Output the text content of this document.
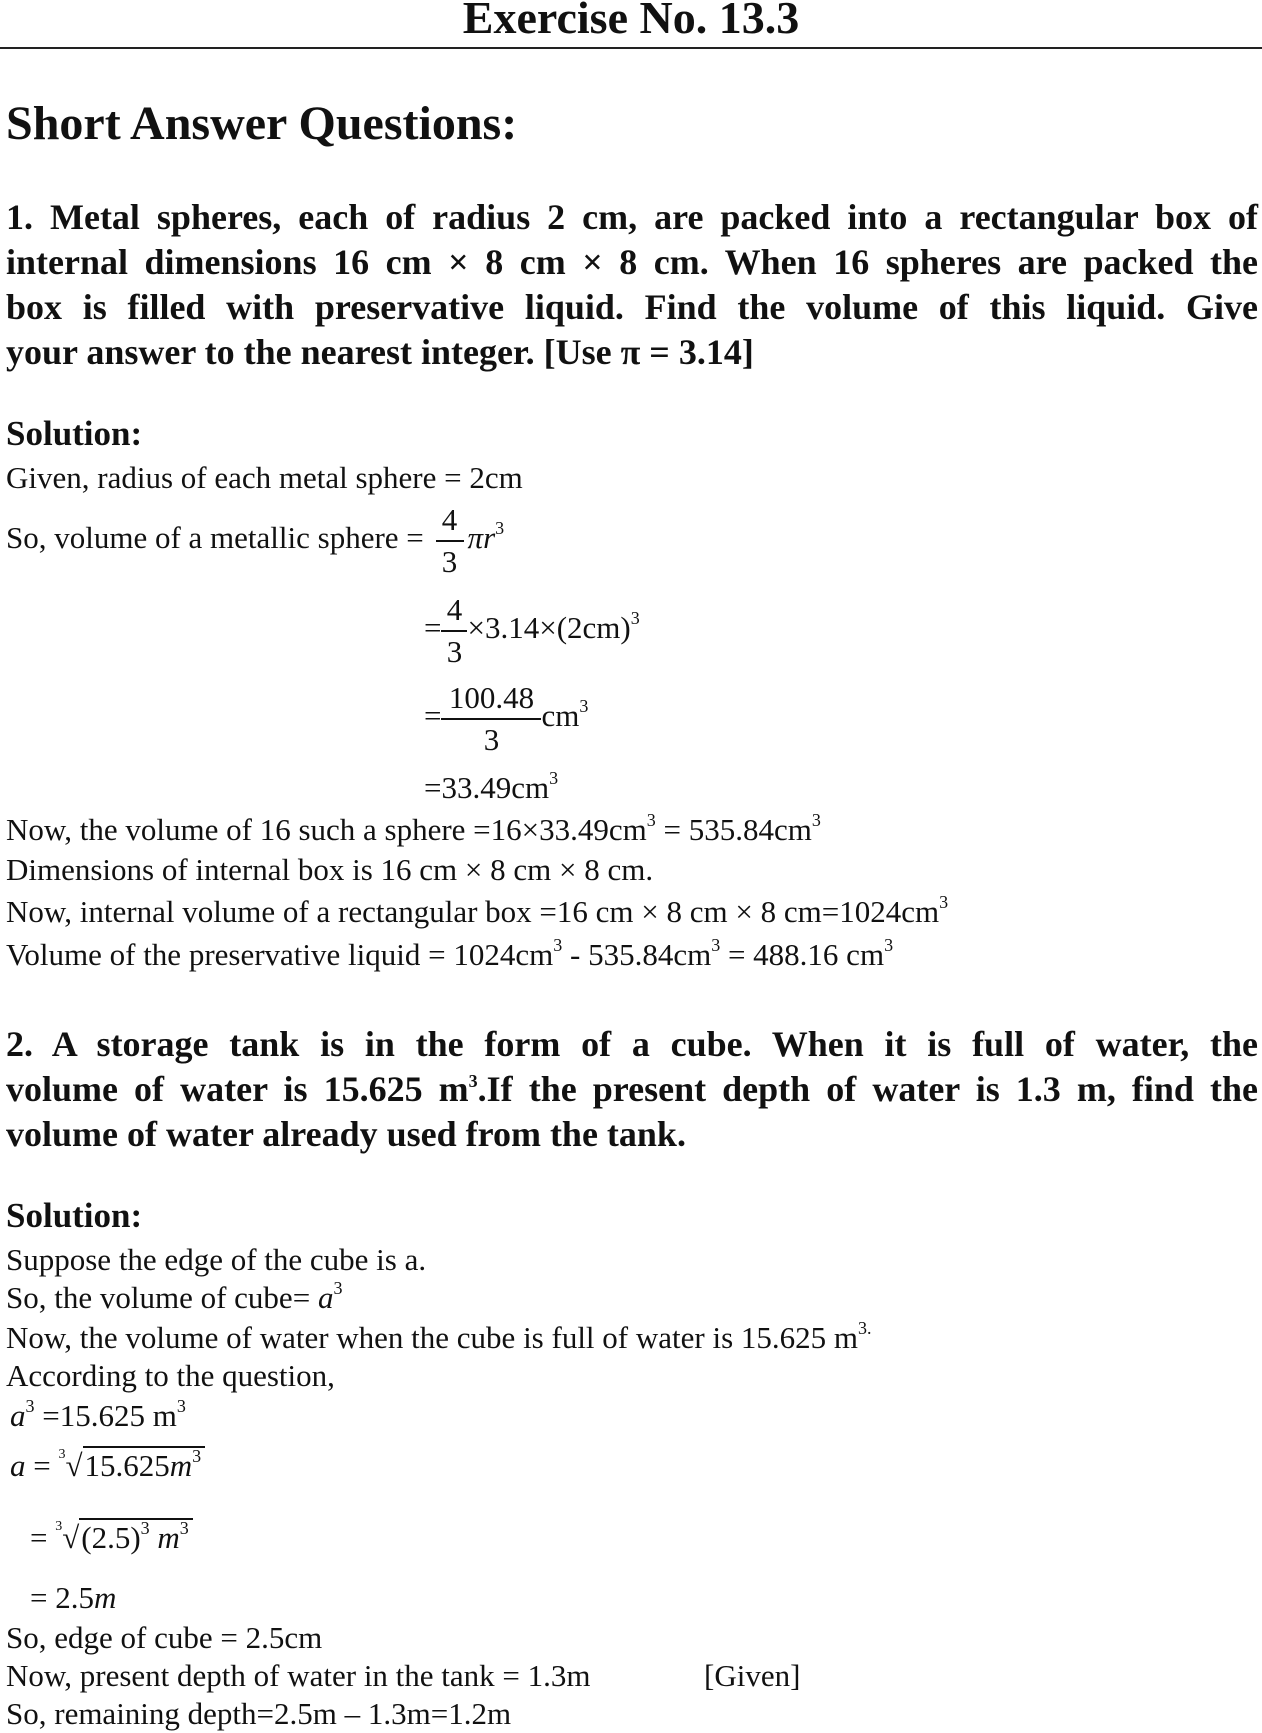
Exercise No. 13.3
Short Answer Questions:
1. Metal spheres, each of radius 2 cm, are packed into a rectangular box of
internal dimensions 16 cm × 8 cm × 8 cm. When 16 spheres are packed the
box is filled with preservative liquid. Find the volume of this liquid. Give
your answer to the nearest integer. [Use π = 3.14]
Solution:
Given, radius of each metal sphere = 2cm
So, volume of a metallic sphere = $\frac{4}{3} \pi r^3$
= $\frac{4}{3} \times 3.14\times(2cm)^3$
= $\frac{100.48}{3} cm^3$
$=33.49cm^3$
Now, the volume of 16 such a sphere $=16\times 33.49cm^3 = 535.84cm^3$
Dimensions of internal box is 16 cm × 8 cm × 8 cm.
Now, internal volume of a rectangular box =16 cm × 8 cm × 8 $cm=1024cm^3$
Volume of the preservative liquid = $1024cm^3 - 535.84cm^3 = 488.16$ $cm^3$
2. A storage tank is in the form of a cube. When it is full of water, the
volume of water is 15.625 $m^3.If$ the present depth of water is 1.3 m, find the
volume of water already used from the tank.
Solution:
Suppose the edge of the cube is a.
So, the volume of cube= $a^3$
Now, the volume of water when the cube is full of water is 15.625 $m^{3.}$
According to the question,
$a^3 =15.625$ $m^3$
$a = ^3√15.625m^3$
= $^3√(2.5)^3$ $m^3$
= 2.5m
So, edge of cube = 2.5cm
Now, present depth of water in the tank = 1.3m	[Given]
So, remaining depth=2.5m – 1.3m=1.2m
